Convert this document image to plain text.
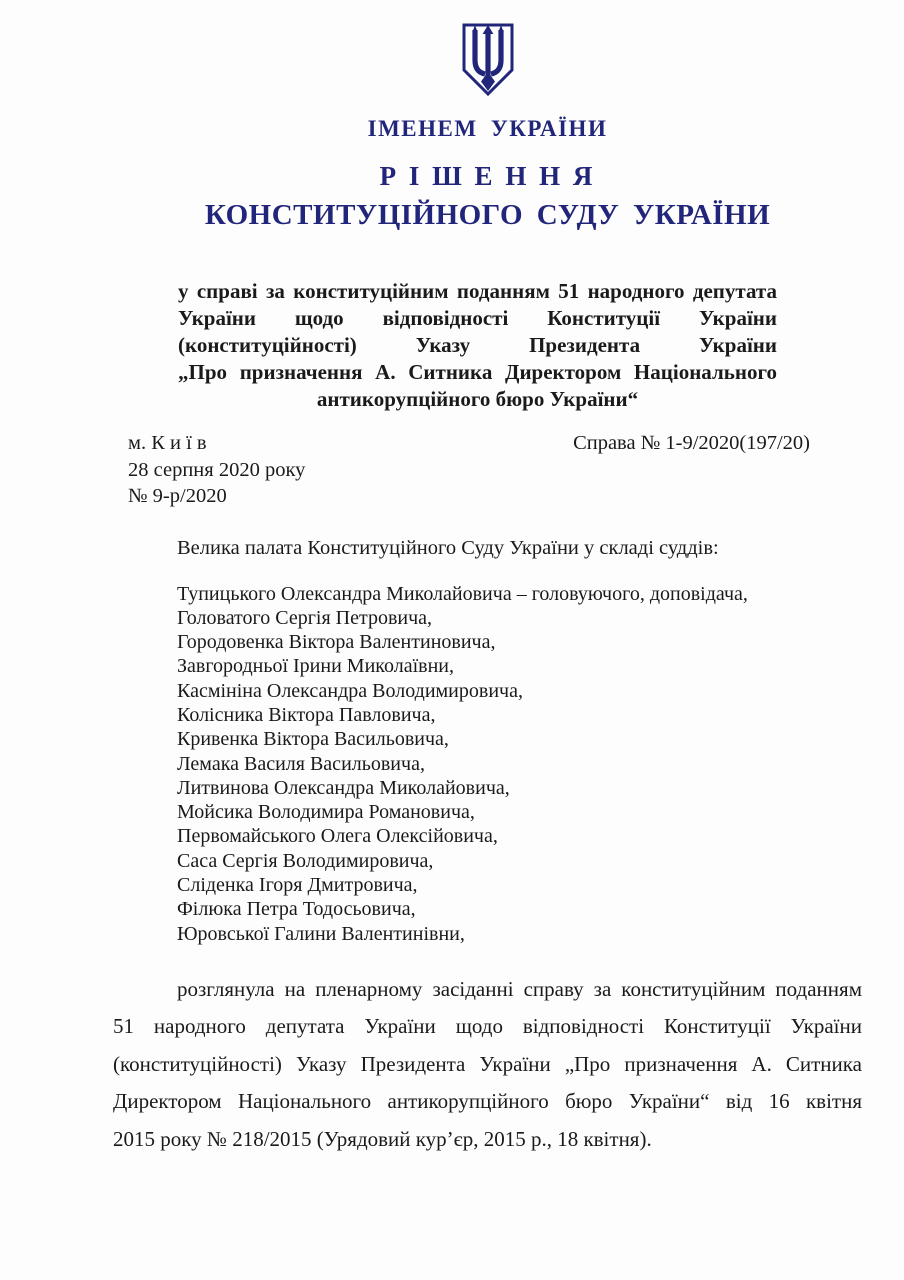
ІМЕНЕМ УКРАЇНИ
Р І Ш Е Н Н Я
КОНСТИТУЦІЙНОГО СУДУ УКРАЇНИ
у справі за конституційним поданням 51 народного депутата
України щодо відповідності Конституції України
(конституційності) Указу Президента України
„Про призначення А. Ситника Директором Національного
антикорупційного бюро України“
м. К и ї в
28 серпня 2020 року
№ 9-р/2020
Справа № 1-9/2020(197/20)
Велика палата Конституційного Суду України у складі суддів:
Тупицького Олександра Миколайовича – головуючого, доповідача,
Головатого Сергія Петровича,
Городовенка Віктора Валентиновича,
Завгородньої Ірини Миколаївни,
Касмініна Олександра Володимировича,
Колісника Віктора Павловича,
Кривенка Віктора Васильовича,
Лемака Василя Васильовича,
Литвинова Олександра Миколайовича,
Мойсика Володимира Романовича,
Первомайського Олега Олексійовича,
Саса Сергія Володимировича,
Сліденка Ігоря Дмитровича,
Філюка Петра Тодосьовича,
Юровської Галини Валентинівни,
розглянула на пленарному засіданні справу за конституційним поданням
51 народного депутата України щодо відповідності Конституції України
(конституційності) Указу Президента України „Про призначення А. Ситника
Директором Національного антикорупційного бюро України“ від 16 квітня
2015 року № 218/2015 (Урядовий кур’єр, 2015 р., 18 квітня).
